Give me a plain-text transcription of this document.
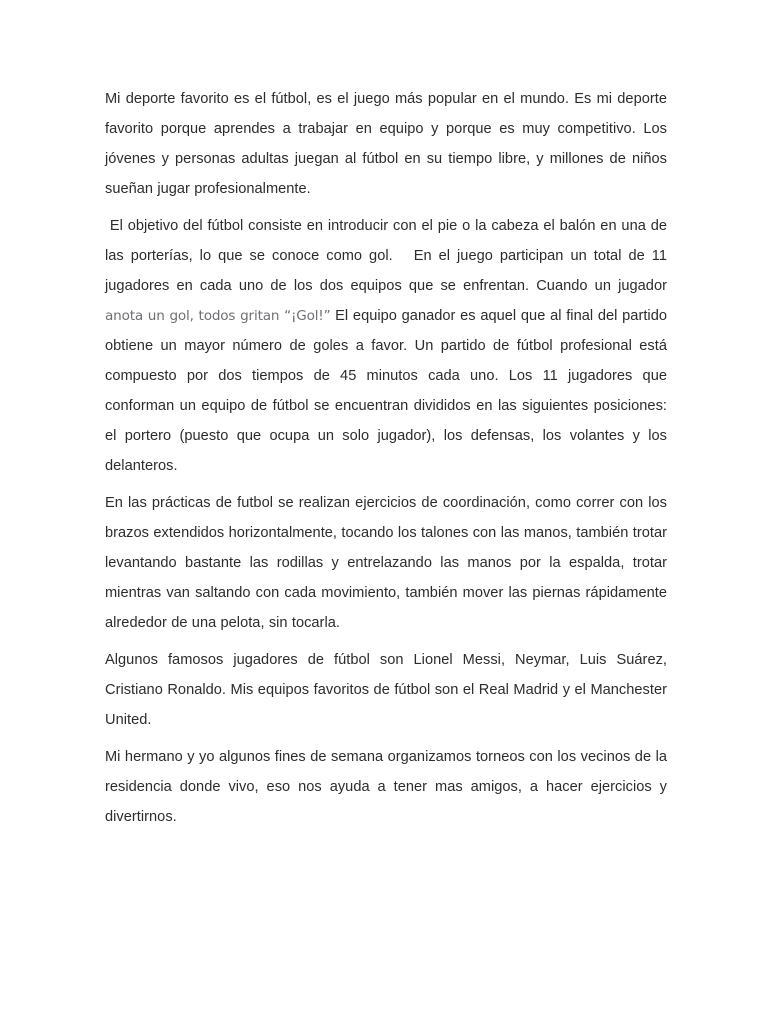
Mi deporte favorito es el fútbol, es el juego más popular en el mundo. Es mi deporte favorito porque aprendes a trabajar en equipo y porque es muy competitivo. Los jóvenes y personas adultas juegan al fútbol en su tiempo libre, y millones de niños sueñan jugar profesionalmente.

El objetivo del fútbol consiste en introducir con el pie o la cabeza el balón en una de las porterías, lo que se conoce como gol.  En el juego participan un total de 11 jugadores en cada uno de los dos equipos que se enfrentan. Cuando un jugador anota un gol, todos gritan “¡Gol!” El equipo ganador es aquel que al final del partido obtiene un mayor número de goles a favor. Un partido de fútbol profesional está compuesto por dos tiempos de 45 minutos cada uno. Los 11 jugadores que conforman un equipo de fútbol se encuentran divididos en las siguientes posiciones: el portero (puesto que ocupa un solo jugador), los defensas, los volantes y los delanteros.

En las prácticas de futbol se realizan ejercicios de coordinación, como correr con los brazos extendidos horizontalmente, tocando los talones con las manos, también trotar levantando bastante las rodillas y entrelazando las manos por la espalda, trotar mientras van saltando con cada movimiento, también mover las piernas rápidamente alrededor de una pelota, sin tocarla.

Algunos famosos jugadores de fútbol son Lionel Messi, Neymar, Luis Suárez, Cristiano Ronaldo. Mis equipos favoritos de fútbol son el Real Madrid y el Manchester United.

Mi hermano y yo algunos fines de semana organizamos torneos con los vecinos de la residencia donde vivo, eso nos ayuda a tener mas amigos, a hacer ejercicios y divertirnos.
